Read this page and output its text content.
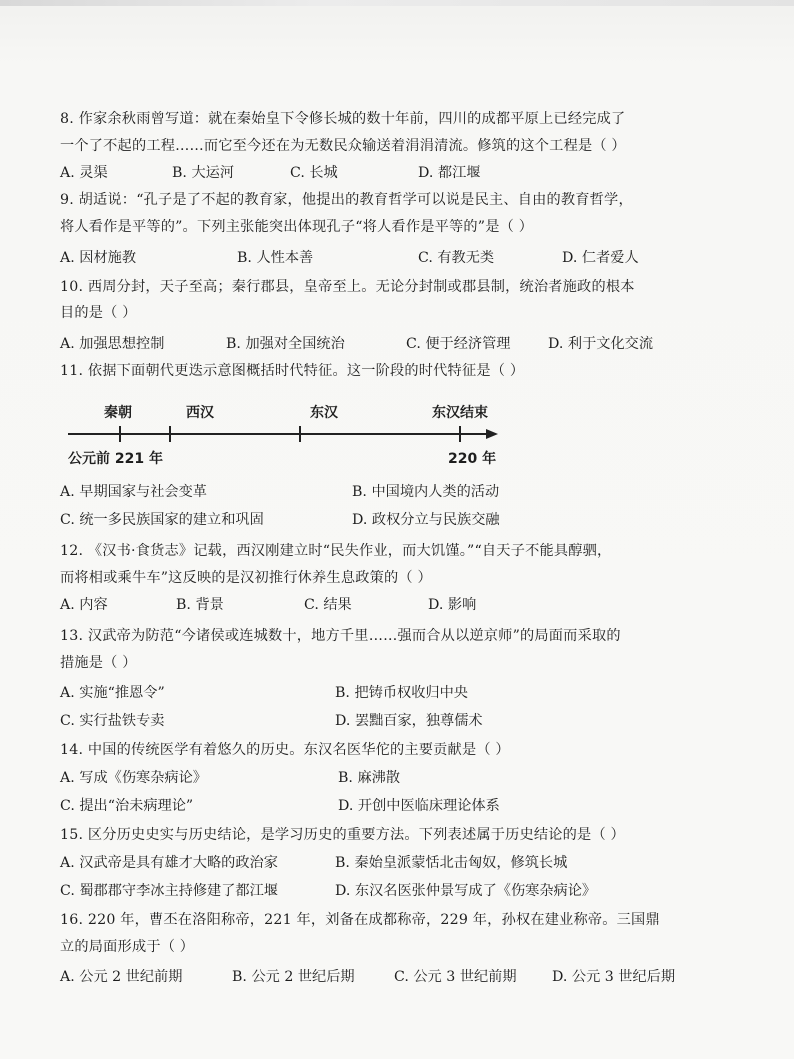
8. 作家余秋雨曾写道：就在秦始皇下令修长城的数十年前，四川的成都平原上已经完成了
一个了不起的工程……而它至今还在为无数民众输送着涓涓清流。修筑的这个工程是（ ）
A. 灵渠	B. 大运河	C. 长城	D. 都江堰
9. 胡适说：“孔子是了不起的教育家，他提出的教育哲学可以说是民主、自由的教育哲学，
将人看作是平等的”。下列主张能突出体现孔子“将人看作是平等的”是（ ）
A. 因材施教	B. 人性本善	C. 有教无类	D. 仁者爱人
10. 西周分封，天子至高；秦行郡县，皇帝至上。无论分封制或郡县制，统治者施政的根本
目的是（ ）
A. 加强思想控制	B. 加强对全国统治	C. 便于经济管理	D. 利于文化交流
11. 依据下面朝代更迭示意图概括时代特征。这一阶段的时代特征是（ ）
秦朝	西汉	东汉	东汉结束
公元前 221 年	220 年
A. 早期国家与社会变革	B. 中国境内人类的活动
C. 统一多民族国家的建立和巩固	D. 政权分立与民族交融
12. 《汉书·食货志》记载，西汉刚建立时“民失作业，而大饥馑。”“自天子不能具醇驷，
而将相或乘牛车”这反映的是汉初推行休养生息政策的（ ）
A. 内容	B. 背景	C. 结果	D. 影响
13. 汉武帝为防范“今诸侯或连城数十，地方千里……强而合从以逆京师”的局面而采取的
措施是（ ）
A. 实施“推恩令”	B. 把铸币权收归中央
C. 实行盐铁专卖	D. 罢黜百家，独尊儒术
14. 中国的传统医学有着悠久的历史。东汉名医华佗的主要贡献是（ ）
A. 写成《伤寒杂病论》	B. 麻沸散
C. 提出“治未病理论”	D. 开创中医临床理论体系
15. 区分历史史实与历史结论，是学习历史的重要方法。下列表述属于历史结论的是（ ）
A. 汉武帝是具有雄才大略的政治家	B. 秦始皇派蒙恬北击匈奴，修筑长城
C. 蜀郡郡守李冰主持修建了都江堰	D. 东汉名医张仲景写成了《伤寒杂病论》
16. 220 年，曹丕在洛阳称帝，221 年，刘备在成都称帝，229 年，孙权在建业称帝。三国鼎
立的局面形成于（ ）
A. 公元 2 世纪前期	B. 公元 2 世纪后期	C. 公元 3 世纪前期 D. 公元 3 世纪后期
